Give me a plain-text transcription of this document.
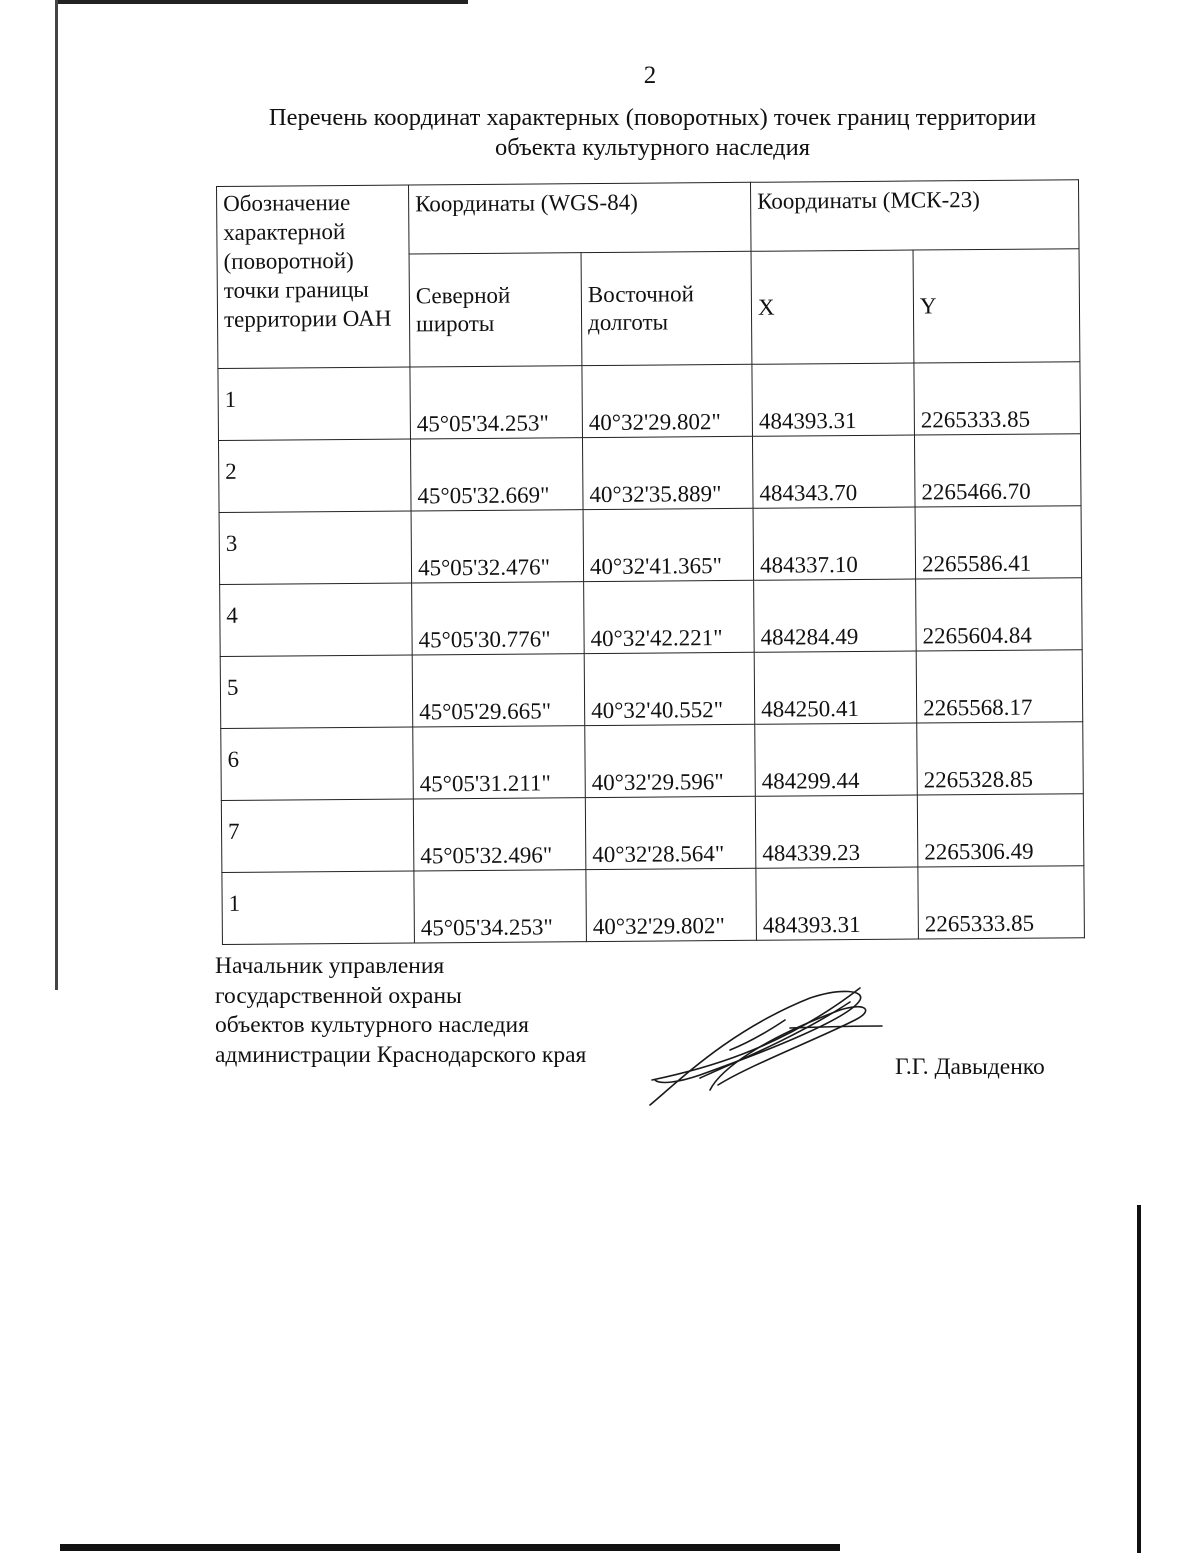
2
Перечень координат характерных (поворотных) точек границ территории
объекта культурного наследия
Обозначение характерной (поворотной) точки границы территории ОАН	Координаты (WGS-84)		Координаты (МСК-23)	
	Северной широты	Восточной долготы	X	Y
1	45°05'34.253"	40°32'29.802"	484393.31	2265333.85
2	45°05'32.669"	40°32'35.889"	484343.70	2265466.70
3	45°05'32.476"	40°32'41.365"	484337.10	2265586.41
4	45°05'30.776"	40°32'42.221"	484284.49	2265604.84
5	45°05'29.665"	40°32'40.552"	484250.41	2265568.17
6	45°05'31.211"	40°32'29.596"	484299.44	2265328.85
7	45°05'32.496"	40°32'28.564"	484339.23	2265306.49
1	45°05'34.253"	40°32'29.802"	484393.31	2265333.85
Начальник управления
государственной охраны
объектов культурного наследия
администрации Краснодарского края	Г.Г. Давыденко
